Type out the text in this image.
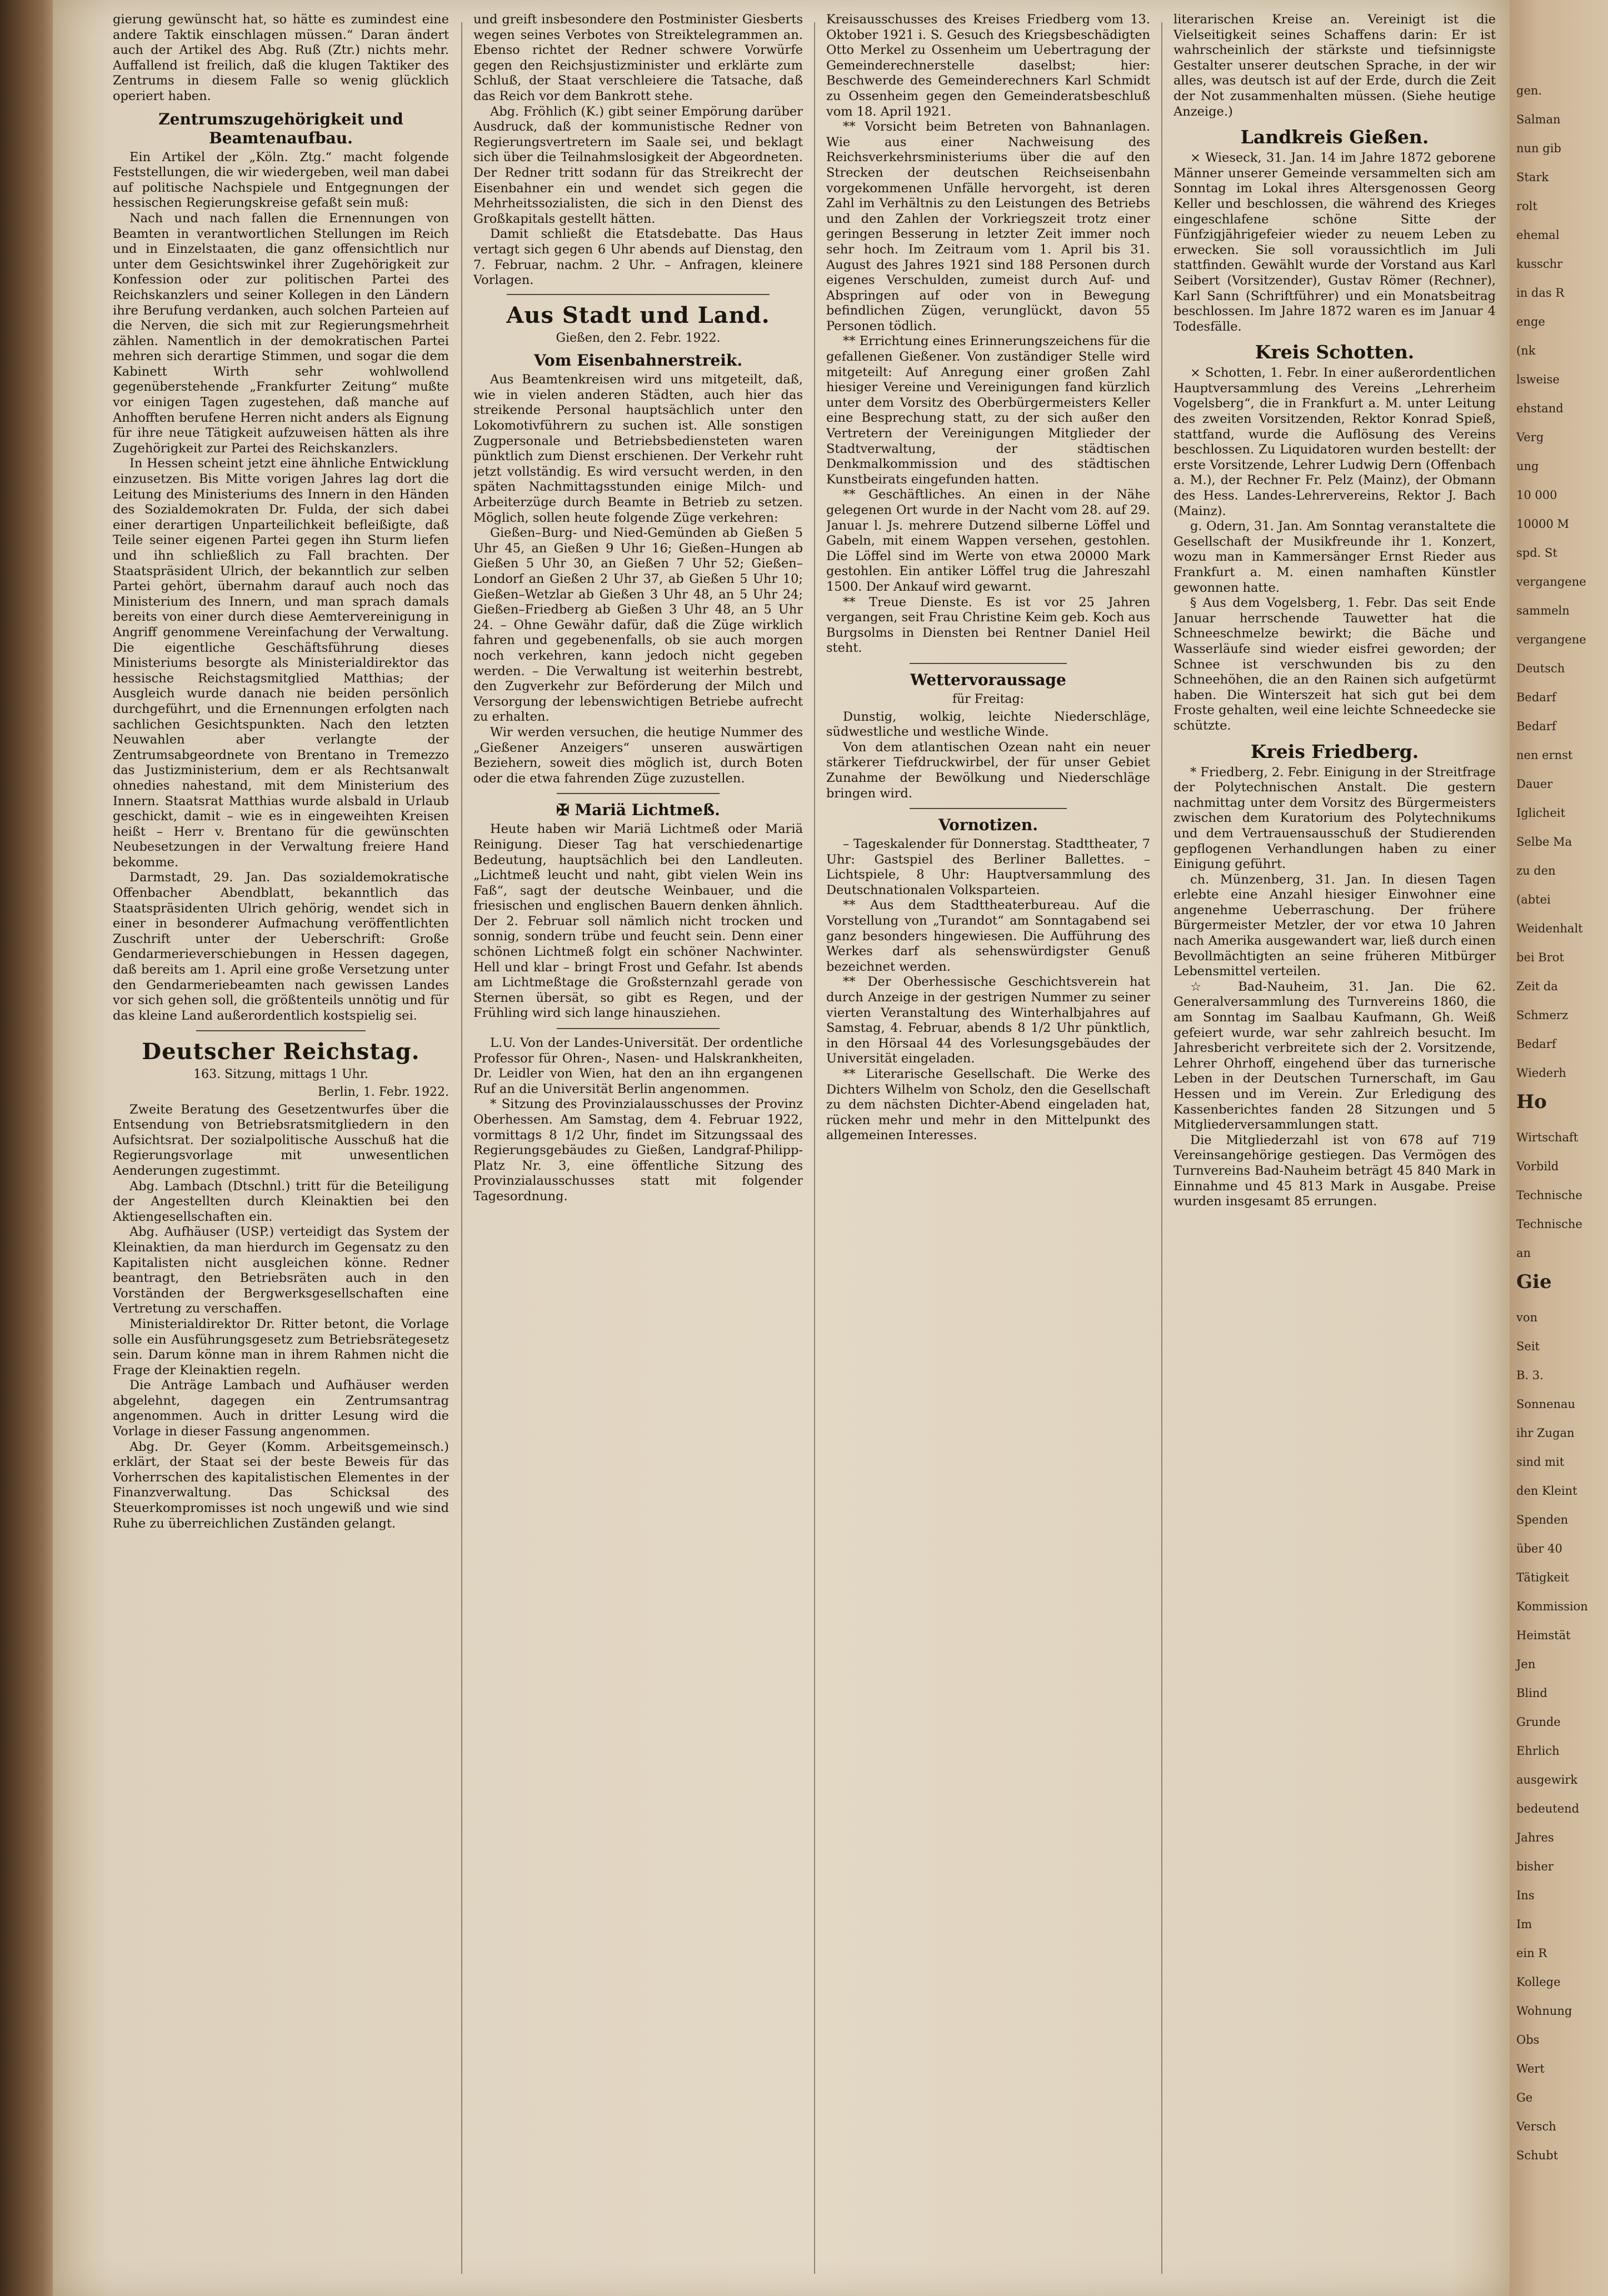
gierung gewünscht hat, so hätte es zumindest eine andere Taktik einschlagen müssen.“ Daran ändert auch der Artikel des Abg. Ruß (Ztr.) nichts mehr. Auffallend ist freilich, daß die klugen Taktiker des Zentrums in diesem Falle so wenig glücklich operiert haben.

Zentrumszugehörigkeit und
Beamtenaufbau.

Ein Artikel der „Köln. Ztg.“ macht folgende Feststellungen, die wir wiedergeben, weil man dabei auf politische Nachspiele und Entgegnungen der hessischen Regierungskreise gefaßt sein muß:

Nach und nach fallen die Ernennungen von Beamten in verantwortlichen Stellungen im Reich und in Einzelstaaten, die ganz offensichtlich nur unter dem Gesichtswinkel ihrer Zugehörigkeit zur Konfession oder zur politischen Partei des Reichskanzlers und seiner Kollegen in den Ländern ihre Berufung verdanken, auch solchen Parteien auf die Nerven, die sich mit zur Regierungsmehrheit zählen. Namentlich in der demokratischen Partei mehren sich derartige Stimmen, und sogar die dem Kabinett Wirth sehr wohlwollend gegenüberstehende „Frankfurter Zeitung“ mußte vor einigen Tagen zugestehen, daß manche auf Anhofften berufene Herren nicht anders als Eignung für ihre neue Tätigkeit aufzuweisen hätten als ihre Zugehörigkeit zur Partei des Reichskanzlers.

In Hessen scheint jetzt eine ähnliche Entwicklung einzusetzen. Bis Mitte vorigen Jahres lag dort die Leitung des Ministeriums des Innern in den Händen des Sozialdemokraten Dr. Fulda, der sich dabei einer derartigen Unparteilichkeit befleißigte, daß Teile seiner eigenen Partei gegen ihn Sturm liefen und ihn schließlich zu Fall brachten. Der Staatspräsident Ulrich, der bekanntlich zur selben Partei gehört, übernahm darauf auch noch das Ministerium des Innern, und man sprach damals bereits von einer durch diese Aemtervereinigung in Angriff genommene Vereinfachung der Verwaltung. Die eigentliche Geschäftsführung dieses Ministeriums besorgte als Ministerialdirektor das hessische Reichstagsmitglied Matthias; der Ausgleich wurde danach nie beiden persönlich durchgeführt, und die Ernennungen erfolgten nach sachlichen Gesichtspunkten. Nach den letzten Neuwahlen aber verlangte der Zentrumsabgeordnete von Brentano in Tremezzo das Justizministerium, dem er als Rechtsanwalt ohnedies nahestand, mit dem Ministerium des Innern. Staatsrat Matthias wurde alsbald in Urlaub geschickt, damit – wie es in eingeweihten Kreisen heißt – Herr v. Brentano für die gewünschten Neubesetzungen in der Verwaltung freiere Hand bekomme.

Darmstadt, 29. Jan. Das sozialdemokratische Offenbacher Abendblatt, bekanntlich das Staatspräsidenten Ulrich gehörig, wendet sich in einer in besonderer Aufmachung veröffentlichten Zuschrift unter der Ueberschrift: Große Gendarmerieverschiebungen in Hessen dagegen, daß bereits am 1. April eine große Versetzung unter den Gendarmeriebeamten nach gewissen Landes vor sich gehen soll, die größtenteils unnötig und für das kleine Land außerordentlich kostspielig sei.

Deutscher Reichstag.
163. Sitzung, mittags 1 Uhr.
Berlin, 1. Febr. 1922.

Zweite Beratung des Gesetzentwurfes über die Entsendung von Betriebsratsmitgliedern in den Aufsichtsrat. Der sozialpolitische Ausschuß hat die Regierungsvorlage mit unwesentlichen Aenderungen zugestimmt.

Abg. Lambach (Dtschnl.) tritt für die Beteiligung der Angestellten durch Kleinaktien bei den Aktiengesellschaften ein.

Abg. Aufhäuser (USP.) verteidigt das System der Kleinaktien, da man hierdurch im Gegensatz zu den Kapitalisten nicht ausgleichen könne. Redner beantragt, den Betriebsräten auch in den Vorständen der Bergwerksgesellschaften eine Vertretung zu verschaffen.

Ministerialdirektor Dr. Ritter betont, die Vorlage solle ein Ausführungsgesetz zum Betriebsrätegesetz sein. Darum könne man in ihrem Rahmen nicht die Frage der Kleinaktien regeln.

Die Anträge Lambach und Aufhäuser werden abgelehnt, dagegen ein Zentrumsantrag angenommen. Auch in dritter Lesung wird die Vorlage in dieser Fassung angenommen.

Abg. Dr. Geyer (Komm. Arbeitsgemeinsch.) erklärt, der Staat sei der beste Beweis für das Vorherrschen des kapitalistischen Elementes in der Finanzverwaltung. Das Schicksal des Steuerkompromisses ist noch ungewiß und wie sind Ruhe zu überreichlichen Zuständen gelangt.

und greift insbesondere den Postminister Giesberts wegen seines Verbotes von Streiktelegrammen an. Ebenso richtet der Redner schwere Vorwürfe gegen den Reichsjustizminister und erklärte zum Schluß, der Staat verschleiere die Tatsache, daß das Reich vor dem Bankrott stehe.

Abg. Fröhlich (K.) gibt seiner Empörung darüber Ausdruck, daß der kommunistische Redner von Regierungsvertretern im Saale sei, und beklagt sich über die Teilnahmslosigkeit der Abgeordneten. Der Redner tritt sodann für das Streikrecht der Eisenbahner ein und wendet sich gegen die Mehrheitssozialisten, die sich in den Dienst des Großkapitals gestellt hätten.

Damit schließt die Etatsdebatte. Das Haus vertagt sich gegen 6 Uhr abends auf Dienstag, den 7. Februar, nachm. 2 Uhr. – Anfragen, kleinere Vorlagen.

Aus Stadt und Land.
Gießen, den 2. Febr. 1922.
Vom Eisenbahnerstreik.

Aus Beamtenkreisen wird uns mitgeteilt, daß, wie in vielen anderen Städten, auch hier das streikende Personal hauptsächlich unter den Lokomotivführern zu suchen ist. Alle sonstigen Zugpersonale und Betriebsbediensteten waren pünktlich zum Dienst erschienen. Der Verkehr ruht jetzt vollständig. Es wird versucht werden, in den späten Nachmittagsstunden einige Milch- und Arbeiterzüge durch Beamte in Betrieb zu setzen. Möglich, sollen heute folgende Züge verkehren:

Gießen–Burg- und Nied-Gemünden ab Gießen 5 Uhr 45, an Gießen 9 Uhr 16; Gießen–Hungen ab Gießen 5 Uhr 30, an Gießen 7 Uhr 52; Gießen–Londorf an Gießen 2 Uhr 37, ab Gießen 5 Uhr 10; Gießen–Wetzlar ab Gießen 3 Uhr 48, an 5 Uhr 24; Gießen–Friedberg ab Gießen 3 Uhr 48, an 5 Uhr 24. – Ohne Gewähr dafür, daß die Züge wirklich fahren und gegebenenfalls, ob sie auch morgen noch verkehren, kann jedoch nicht gegeben werden. – Die Verwaltung ist weiterhin bestrebt, den Zugverkehr zur Beförderung der Milch und Versorgung der lebenswichtigen Betriebe aufrecht zu erhalten.

Wir werden versuchen, die heutige Nummer des „Gießener Anzeigers“ unseren auswärtigen Beziehern, soweit dies möglich ist, durch Boten oder die etwa fahrenden Züge zuzustellen.

✠ Mariä Lichtmeß.

Heute haben wir Mariä Lichtmeß oder Mariä Reinigung. Dieser Tag hat verschiedenartige Bedeutung, hauptsächlich bei den Landleuten. „Lichtmeß leucht und naht, gibt vielen Wein ins Faß“, sagt der deutsche Weinbauer, und die friesischen und englischen Bauern denken ähnlich. Der 2. Februar soll nämlich nicht trocken und sonnig, sondern trübe und feucht sein. Denn einer schönen Lichtmeß folgt ein schöner Nachwinter. Hell und klar – bringt Frost und Gefahr. Ist abends am Lichtmeßtage die Großsternzahl gerade von Sternen übersät, so gibt es Regen, und der Frühling wird sich lange hinausziehen.

L.U. Von der Landes-Universität. Der ordentliche Professor für Ohren-, Nasen- und Halskrankheiten, Dr. Leidler von Wien, hat den an ihn ergangenen Ruf an die Universität Berlin angenommen.

* Sitzung des Provinzialausschusses der Provinz Oberhessen. Am Samstag, dem 4. Februar 1922, vormittags 8 1/2 Uhr, findet im Sitzungssaal des Regierungsgebäudes zu Gießen, Landgraf-Philipp-Platz Nr. 3, eine öffentliche Sitzung des Provinzialausschusses statt mit folgender Tagesordnung.

Kreisausschusses des Kreises Friedberg vom 13. Oktober 1921 i. S. Gesuch des Kriegsbeschädigten Otto Merkel zu Ossenheim um Uebertragung der Gemeinderechnerstelle daselbst; hier: Beschwerde des Gemeinderechners Karl Schmidt zu Ossenheim gegen den Gemeinderatsbeschluß vom 18. April 1921.

** Vorsicht beim Betreten von Bahnanlagen. Wie aus einer Nachweisung des Reichsverkehrsministeriums über die auf den Strecken der deutschen Reichseisenbahn vorgekommenen Unfälle hervorgeht, ist deren Zahl im Verhältnis zu den Leistungen des Betriebs und den Zahlen der Vorkriegszeit trotz einer geringen Besserung in letzter Zeit immer noch sehr hoch. Im Zeitraum vom 1. April bis 31. August des Jahres 1921 sind 188 Personen durch eigenes Verschulden, zumeist durch Auf- und Abspringen auf oder von in Bewegung befindlichen Zügen, verunglückt, davon 55 Personen tödlich.

** Errichtung eines Erinnerungszeichens für die gefallenen Gießener. Von zuständiger Stelle wird mitgeteilt: Auf Anregung einer großen Zahl hiesiger Vereine und Vereinigungen fand kürzlich unter dem Vorsitz des Oberbürgermeisters Keller eine Besprechung statt, zu der sich außer den Vertretern der Vereinigungen Mitglieder der Stadtverwaltung, der städtischen Denkmalkommission und des städtischen Kunstbeirats eingefunden hatten.

** Geschäftliches. An einen in der Nähe gelegenen Ort wurde in der Nacht vom 28. auf 29. Januar l. Js. mehrere Dutzend silberne Löffel und Gabeln, mit einem Wappen versehen, gestohlen. Die Löffel sind im Werte von etwa 20000 Mark gestohlen. Ein antiker Löffel trug die Jahreszahl 1500. Der Ankauf wird gewarnt.

** Treue Dienste. Es ist vor 25 Jahren vergangen, seit Frau Christine Keim geb. Koch aus Burgsolms in Diensten bei Rentner Daniel Heil steht.

Wettervoraussage
für Freitag:

Dunstig, wolkig, leichte Niederschläge, südwestliche und westliche Winde.

Von dem atlantischen Ozean naht ein neuer stärkerer Tiefdruckwirbel, der für unser Gebiet Zunahme der Bewölkung und Niederschläge bringen wird.

Vornotizen.

– Tageskalender für Donnerstag. Stadttheater, 7 Uhr: Gastspiel des Berliner Ballettes. – Lichtspiele, 8 Uhr: Hauptversammlung des Deutschnationalen Volksparteien.

** Aus dem Stadttheaterbureau. Auf die Vorstellung von „Turandot“ am Sonntagabend sei ganz besonders hingewiesen. Die Aufführung des Werkes darf als sehenswürdigster Genuß bezeichnet werden.

** Der Oberhessische Geschichtsverein hat durch Anzeige in der gestrigen Nummer zu seiner vierten Veranstaltung des Winterhalbjahres auf Samstag, 4. Februar, abends 8 1/2 Uhr pünktlich, in den Hörsaal 44 des Vorlesungsgebäudes der Universität eingeladen.

** Literarische Gesellschaft. Die Werke des Dichters Wilhelm von Scholz, den die Gesellschaft zu dem nächsten Dichter-Abend eingeladen hat, rücken mehr und mehr in den Mittelpunkt des allgemeinen Interesses.

literarischen Kreise an. Vereinigt ist die Vielseitigkeit seines Schaffens darin: Er ist wahrscheinlich der stärkste und tiefsinnigste Gestalter unserer deutschen Sprache, in der wir alles, was deutsch ist auf der Erde, durch die Zeit der Not zusammenhalten müssen. (Siehe heutige Anzeige.)

Landkreis Gießen.

× Wieseck, 31. Jan. 14 im Jahre 1872 geborene Männer unserer Gemeinde versammelten sich am Sonntag im Lokal ihres Altersgenossen Georg Keller und beschlossen, die während des Krieges eingeschlafene schöne Sitte der Fünfzigjährigefeier wieder zu neuem Leben zu erwecken. Sie soll voraussichtlich im Juli stattfinden. Gewählt wurde der Vorstand aus Karl Seibert (Vorsitzender), Gustav Römer (Rechner), Karl Sann (Schriftführer) und ein Monatsbeitrag beschlossen. Im Jahre 1872 waren es im Januar 4 Todesfälle.

Kreis Schotten.

× Schotten, 1. Febr. In einer außerordentlichen Hauptversammlung des Vereins „Lehrerheim Vogelsberg“, die in Frankfurt a. M. unter Leitung des zweiten Vorsitzenden, Rektor Konrad Spieß, stattfand, wurde die Auflösung des Vereins beschlossen. Zu Liquidatoren wurden bestellt: der erste Vorsitzende, Lehrer Ludwig Dern (Offenbach a. M.), der Rechner Fr. Pelz (Mainz), der Obmann des Hess. Landes-Lehrervereins, Rektor J. Bach (Mainz).

g. Odern, 31. Jan. Am Sonntag veranstaltete die Gesellschaft der Musikfreunde ihr 1. Konzert, wozu man in Kammersänger Ernst Rieder aus Frankfurt a. M. einen namhaften Künstler gewonnen hatte.

§ Aus dem Vogelsberg, 1. Febr. Das seit Ende Januar herrschende Tauwetter hat die Schneeschmelze bewirkt; die Bäche und Wasserläufe sind wieder eisfrei geworden; der Schnee ist verschwunden bis zu den Schneehöhen, die an den Rainen sich aufgetürmt haben. Die Winterszeit hat sich gut bei dem Froste gehalten, weil eine leichte Schneedecke sie schützte.

Kreis Friedberg.

* Friedberg, 2. Febr. Einigung in der Streitfrage der Polytechnischen Anstalt. Die gestern nachmittag unter dem Vorsitz des Bürgermeisters zwischen dem Kuratorium des Polytechnikums und dem Vertrauensausschuß der Studierenden gepflogenen Verhandlungen haben zu einer Einigung geführt.

ch. Münzenberg, 31. Jan. In diesen Tagen erlebte eine Anzahl hiesiger Einwohner eine angenehme Ueberraschung. Der frühere Bürgermeister Metzler, der vor etwa 10 Jahren nach Amerika ausgewandert war, ließ durch einen Bevollmächtigten an seine früheren Mitbürger Lebensmittel verteilen.

☆ Bad-Nauheim, 31. Jan. Die 62. Generalversammlung des Turnvereins 1860, die am Sonntag im Saalbau Kaufmann, Gh. Weiß gefeiert wurde, war sehr zahlreich besucht. Im Jahresbericht verbreitete sich der 2. Vorsitzende, Lehrer Ohrhoff, eingehend über das turnerische Leben in der Deutschen Turnerschaft, im Gau Hessen und im Verein. Zur Erledigung des Kassenberichtes fanden 28 Sitzungen und 5 Mitgliederversammlungen statt.

Die Mitgliederzahl ist von 678 auf 719 Vereinsangehörige gestiegen. Das Vermögen des Turnvereins Bad-Nauheim beträgt 45 840 Mark in Einnahme und 45 813 Mark in Ausgabe. Preise wurden insgesamt 85 errungen.

gen.
Salman
nun gib
Stark
rolt
ehemal
kusschr
in das R
enge
(nk
lsweise
ehstand
Verg
ung
10 000
10000 M
spd. St
vergangene
sammeln
vergangene
Deutsch
Bedarf
Bedarf
nen ernst
Dauer
Iglicheit
Selbe Ma
zu den
(abtei
Weidenhalt
bei Brot
Zeit da
Schmerz
Bedarf
Wiederh
Ho
Wirtschaft
Vorbild
Technische
Technische
an
Gie
von
Seit
B. 3.
Sonnenau
ihr Zugan
sind mit
den Kleint
Spenden
über 40
Tätigkeit
Kommission
Heimstät
Jen
Blind
Grunde
Ehrlich
ausgewirk
bedeutend
Jahres
bisher
Ins
Im
ein R
Kollege
Wohnung
Obs
Wert
Ge
Versch
Schubt
